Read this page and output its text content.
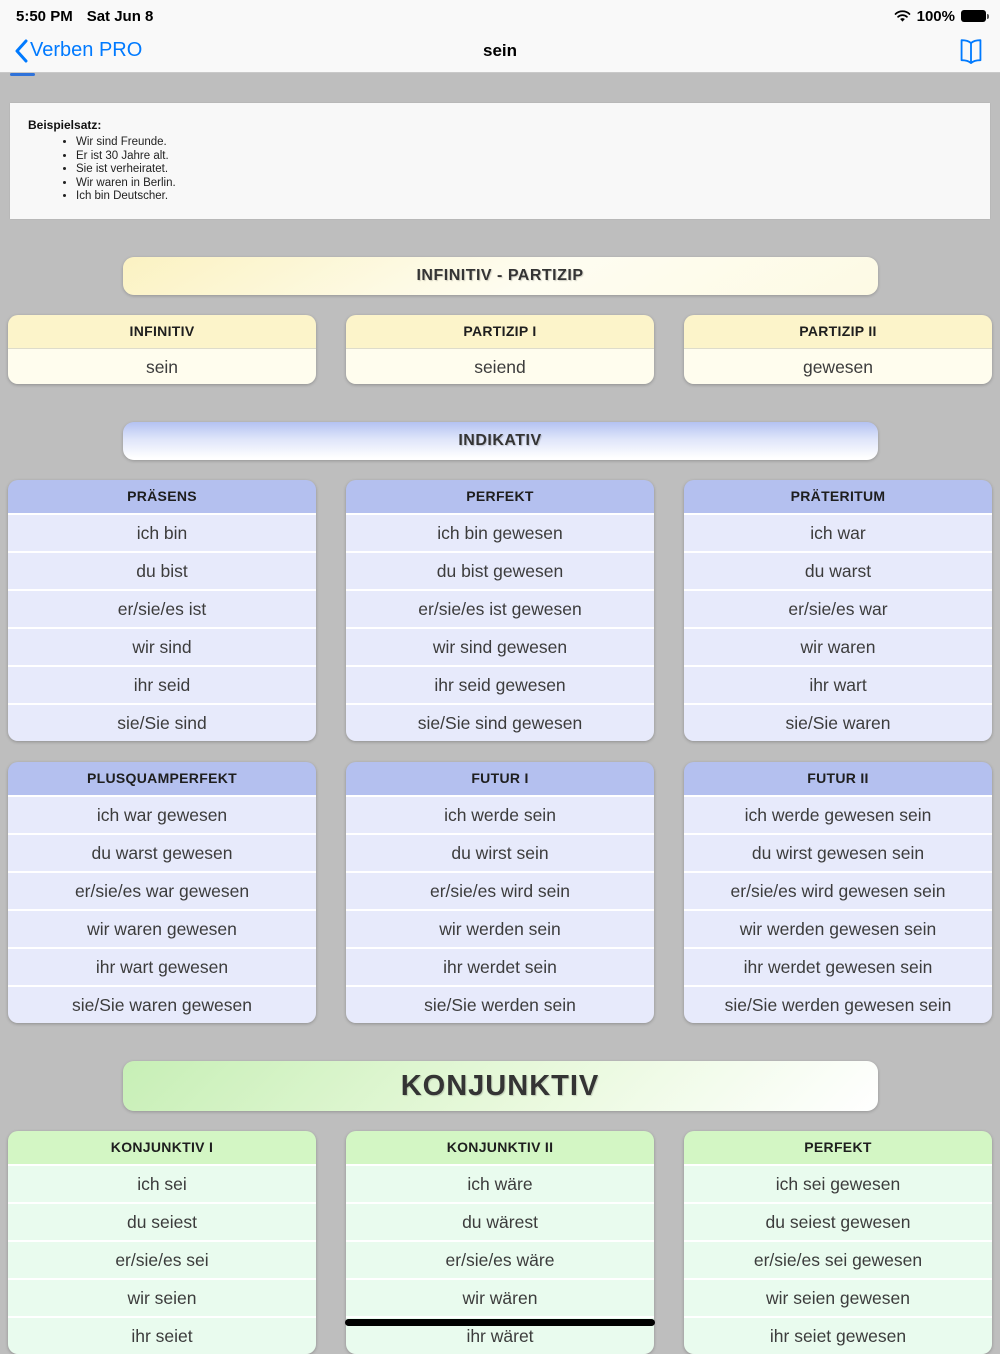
5:50 PM Sat Jun 8	100%
Verben PRO	sein
Beispielsatz:
• Wir sind Freunde.
• Er ist 30 Jahre alt.
• Sie ist verheiratet.
• Wir waren in Berlin.
• Ich bin Deutscher.
INFINITIV - PARTIZIP
INFINITIV
sein
PARTIZIP I
seiend
PARTIZIP II
gewesen
INDIKATIV
PRÄSENS
ich bin
du bist
er/sie/es ist
wir sind
ihr seid
sie/Sie sind
PERFEKT
ich bin gewesen
du bist gewesen
er/sie/es ist gewesen
wir sind gewesen
ihr seid gewesen
sie/Sie sind gewesen
PRÄTERITUM
ich war
du warst
er/sie/es war
wir waren
ihr wart
sie/Sie waren
PLUSQUAMPERFEKT
ich war gewesen
du warst gewesen
er/sie/es war gewesen
wir waren gewesen
ihr wart gewesen
sie/Sie waren gewesen
FUTUR I
ich werde sein
du wirst sein
er/sie/es wird sein
wir werden sein
ihr werdet sein
sie/Sie werden sein
FUTUR II
ich werde gewesen sein
du wirst gewesen sein
er/sie/es wird gewesen sein
wir werden gewesen sein
ihr werdet gewesen sein
sie/Sie werden gewesen sein
KONJUNKTIV
KONJUNKTIV I
ich sei
du seiest
er/sie/es sei
wir seien
ihr seiet
KONJUNKTIV II
ich wäre
du wärest
er/sie/es wäre
wir wären
ihr wäret
PERFEKT
ich sei gewesen
du seiest gewesen
er/sie/es sei gewesen
wir seien gewesen
ihr seiet gewesen
